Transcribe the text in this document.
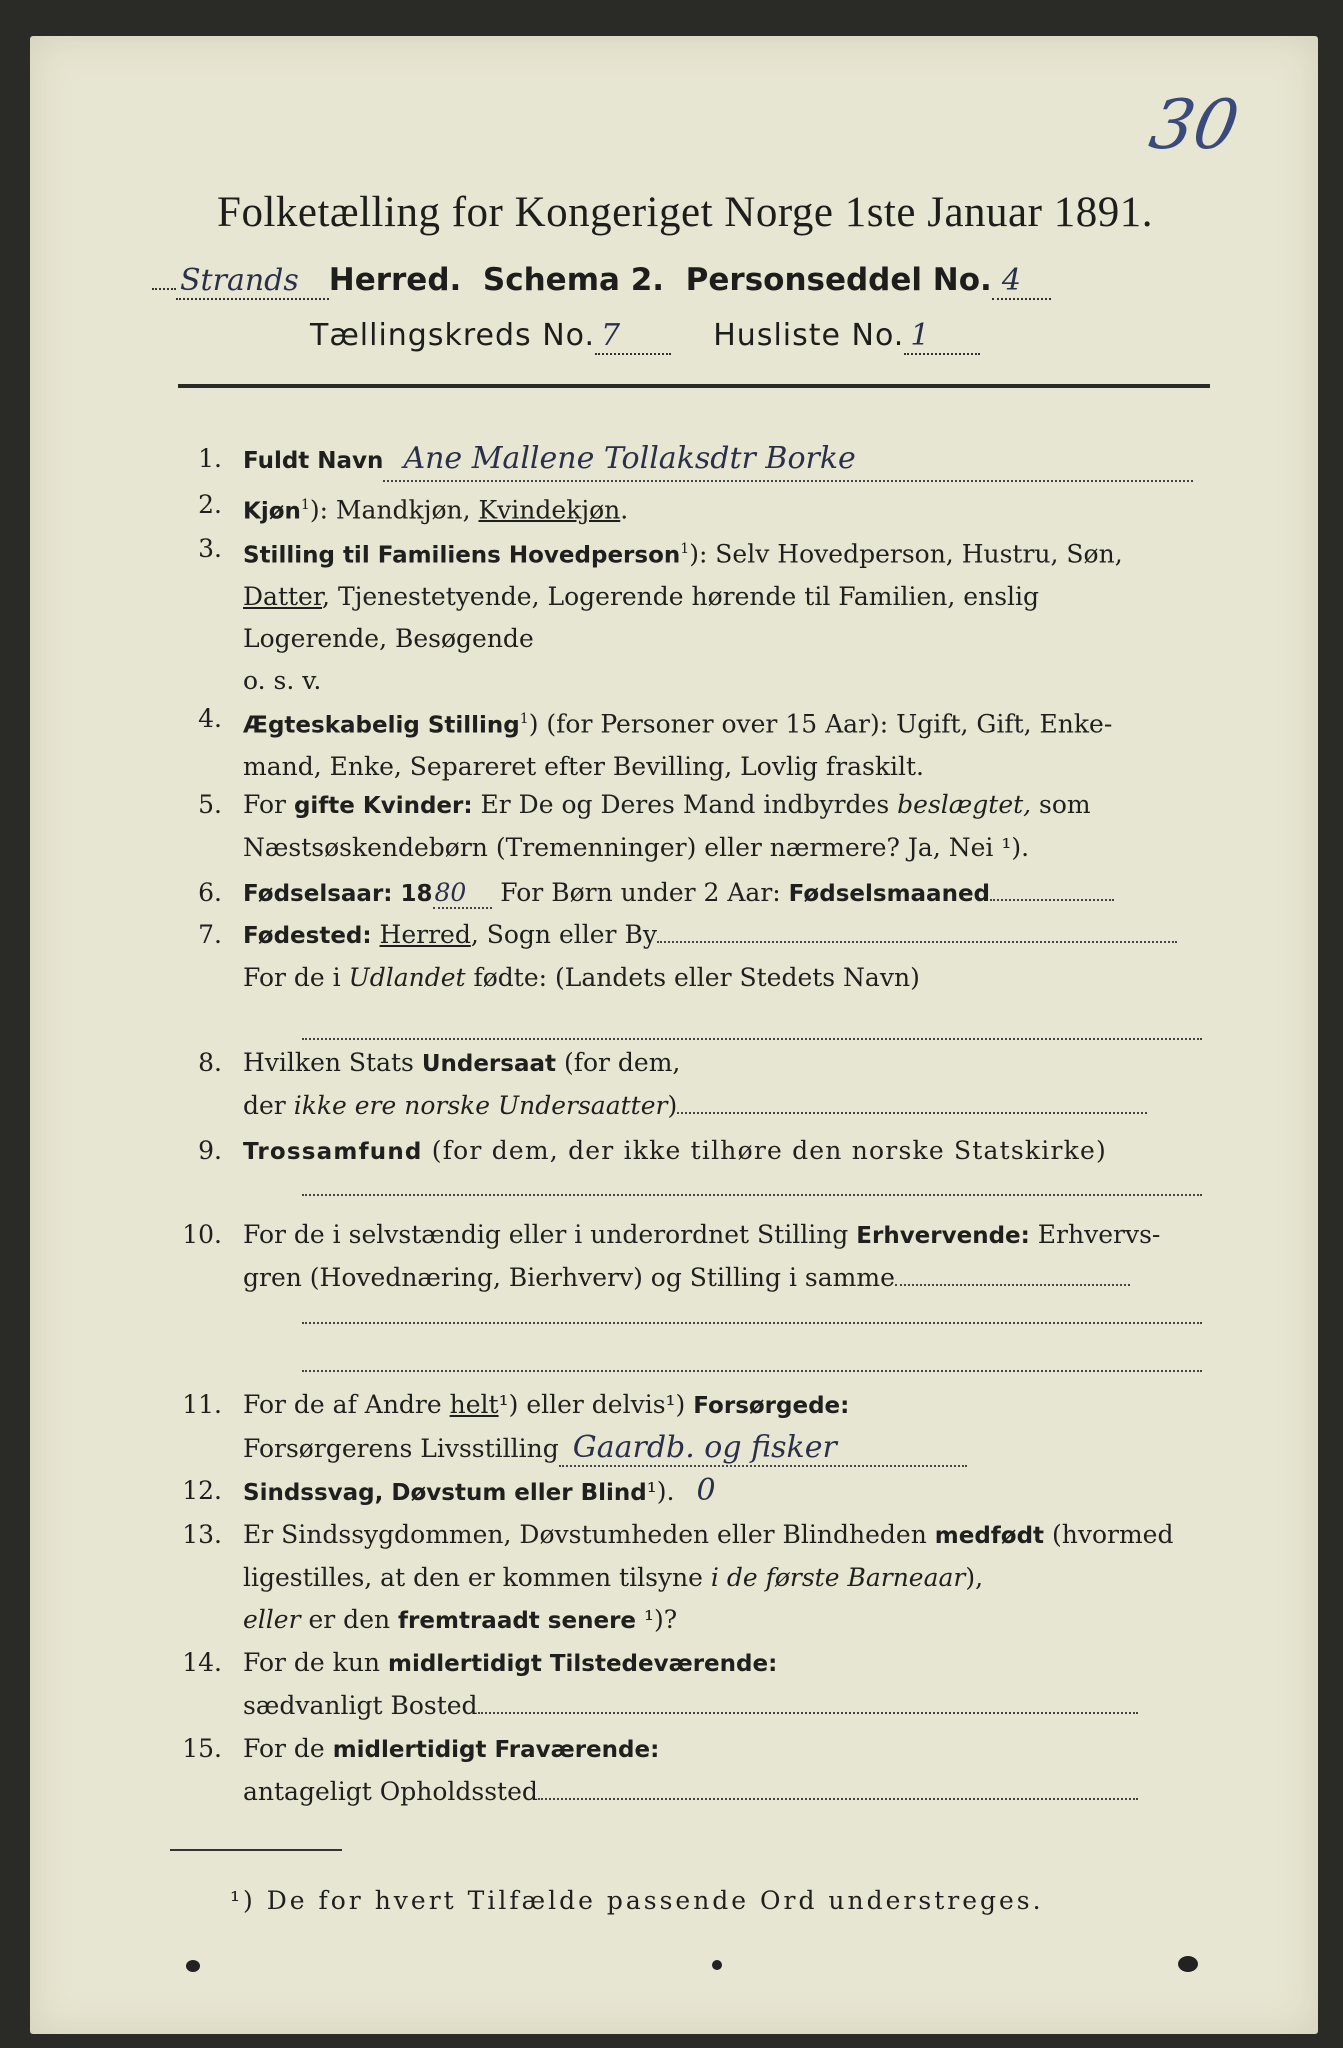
30
Folketælling for Kongeriget Norge 1ste Januar 1891.
Strands Herred. Schema 2. Personseddel No. 4
Tællingskreds No. 7	Husliste No. 1
1. Fuldt Navn Ane Mallene Tollaksdtr Borke
2. Kjøn$^1$): Mandkjøn, Kvindekjøn.
3. Stilling til Familiens Hovedperson$^1$): Selv Hovedperson, Hustru, Søn,
Datter, Tjenestetyende, Logerende hørende til Familien, enslig
Logerende, Besøgende
o. s. v.
4. Ægteskabelig Stilling$^1$) (for Personer over 15 Aar): Ugift, Gift, Enke-
mand, Enke, Separeret efter Bevilling, Lovlig fraskilt.
5. For gifte Kvinder: Er De og Deres Mand indbyrdes beslægtet, som
Næstsøskendebørn (Tremenninger) eller nærmere? Ja, Nei ¹).
6. Fødselsaar: 1880 For Børn under 2 Aar: Fødselsmaaned
7. Fødested: Herred, Sogn eller By
For de i Udlandet fødte: (Landets eller Stedets Navn)
8. Hvilken Stats Undersaat (for dem,
der ikke ere norske Undersaatter)
9. Trossamfund (for dem, der ikke tilhøre den norske Statskirke)
10. For de i selvstændig eller i underordnet Stilling Erhvervende: Erhvervs-
gren (Hovednæring, Bierhverv) og Stilling i samme
11. For de af Andre helt¹) eller delvis¹) Forsørgede:
Forsørgerens Livsstilling Gaardb. og fisker
12. Sindssvag, Døvstum eller Blind¹). 0
13. Er Sindssygdommen, Døvstumheden eller Blindheden medfødt (hvormed
ligestilles, at den er kommen tilsyne i de første Barneaar),
eller er den fremtraadt senere ¹)?
14. For de kun midlertidigt Tilstedeværende:
sædvanligt Bosted
15. For de midlertidigt Fraværende:
antageligt Opholdssted
¹) De for hvert Tilfælde passende Ord understreges.
